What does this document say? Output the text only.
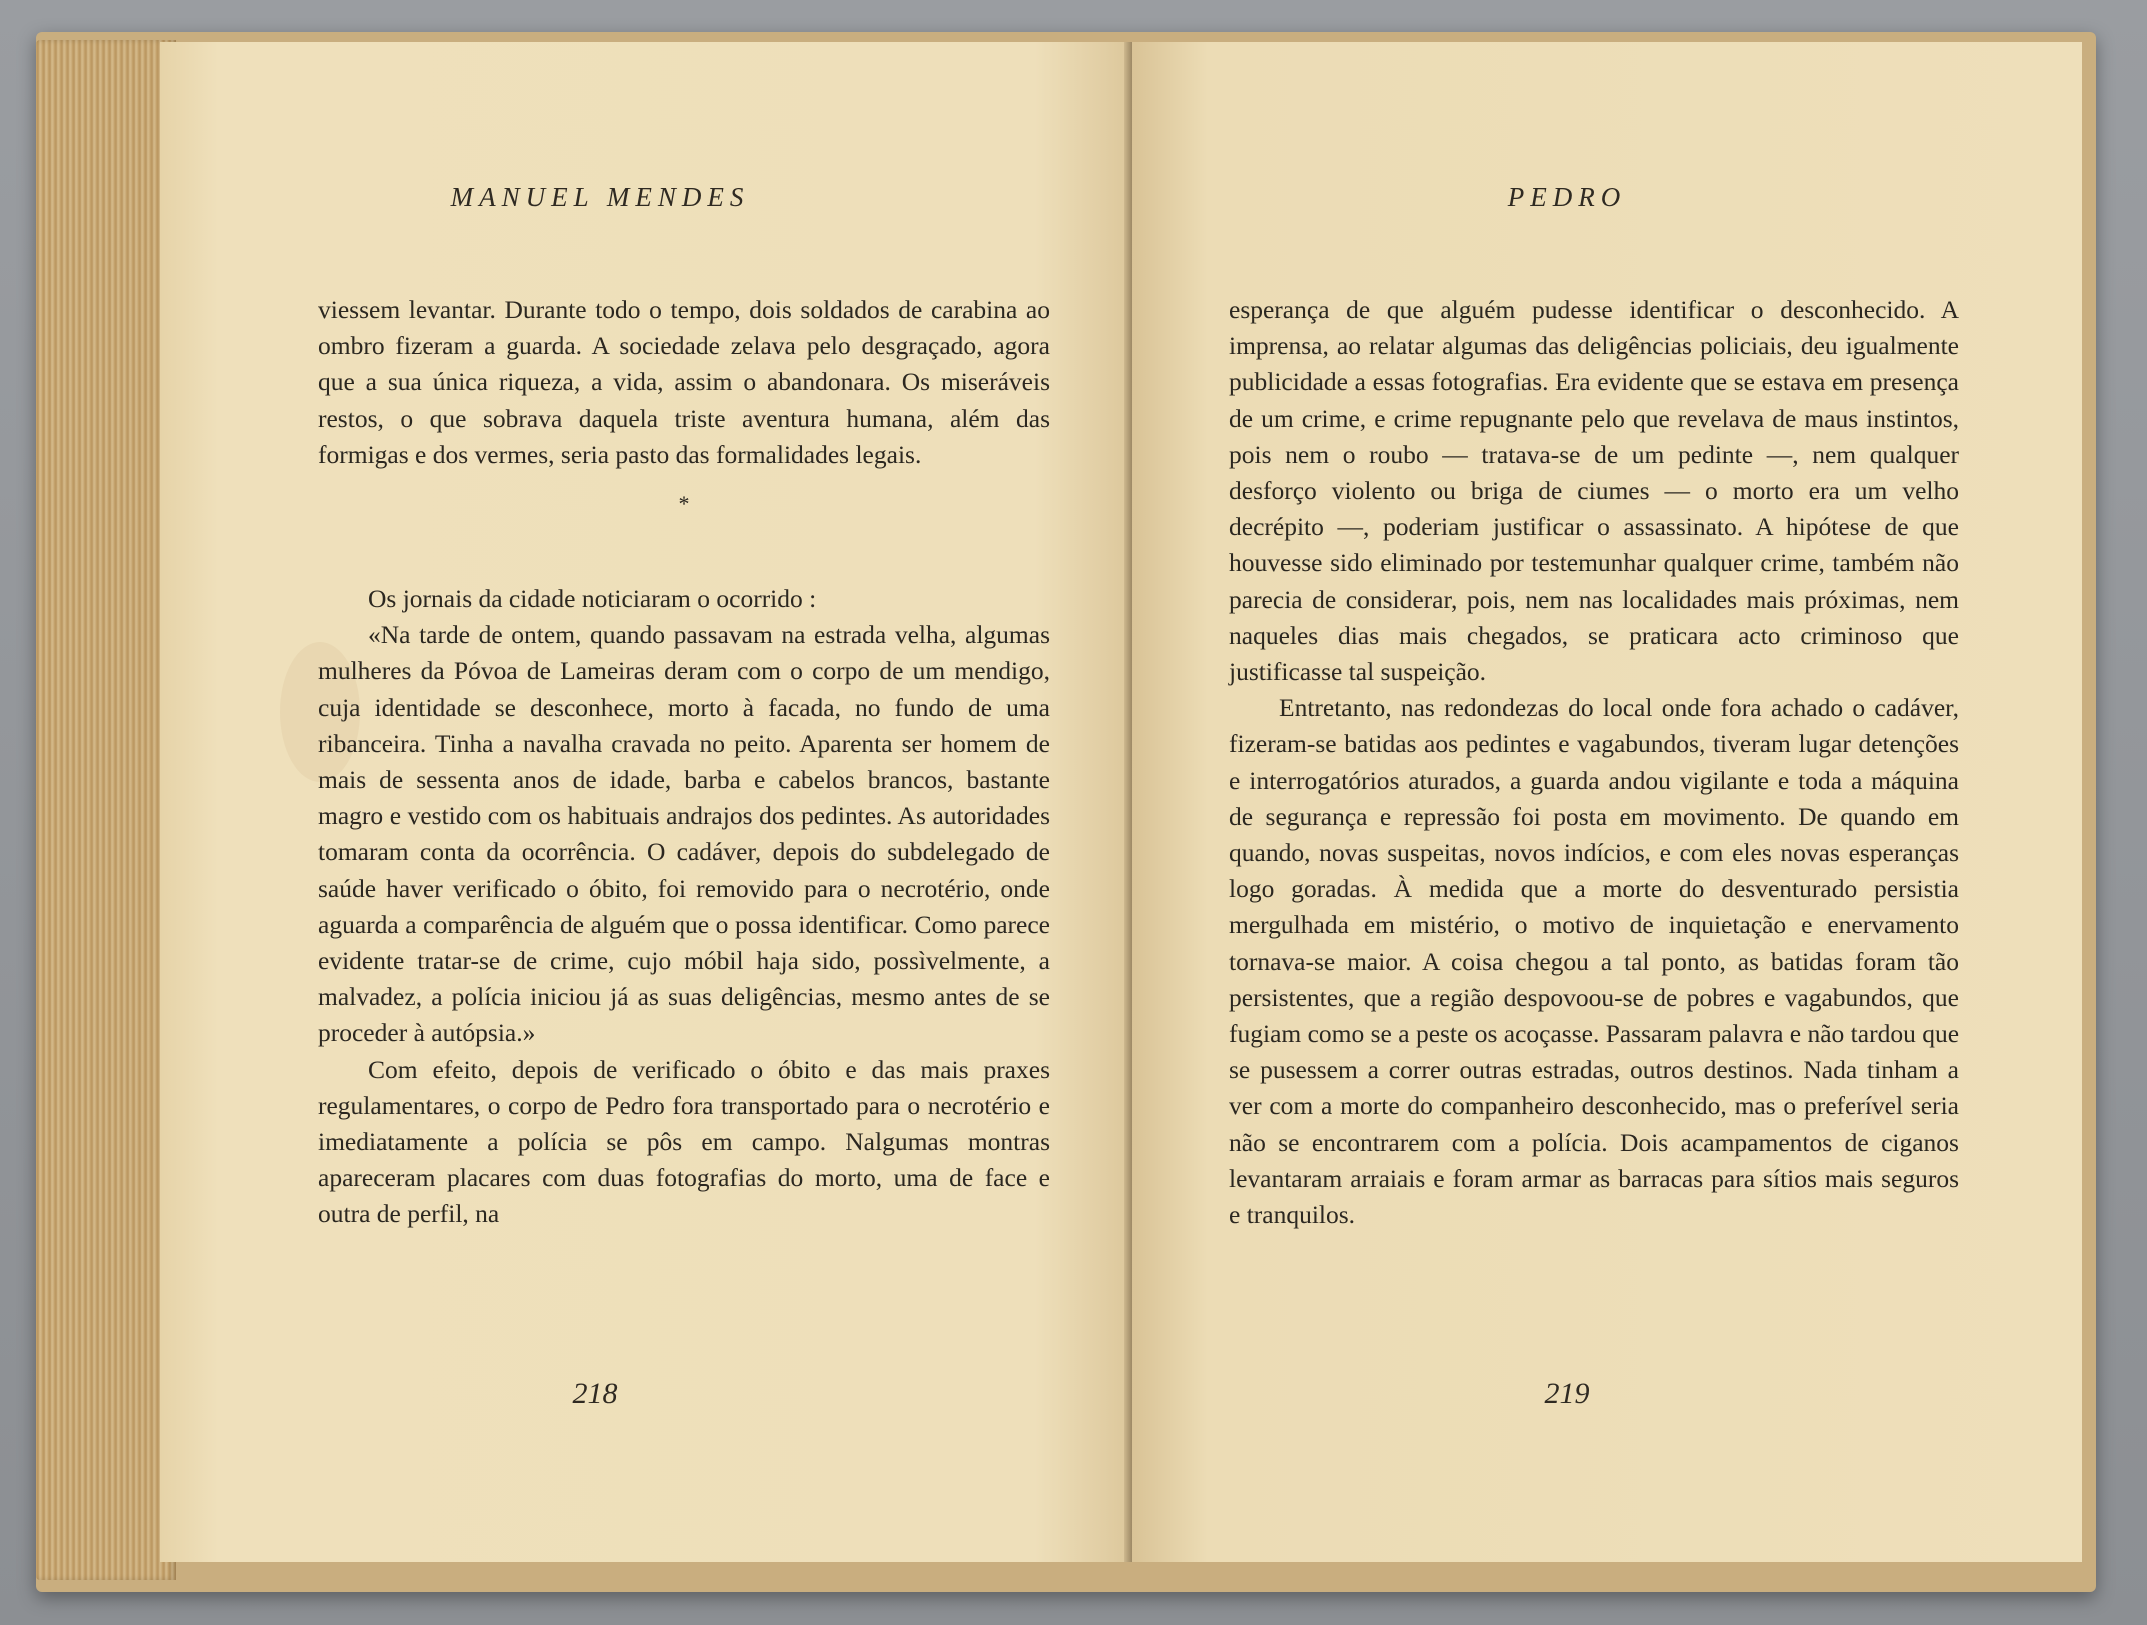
MANUEL MENDES

viessem levantar. Durante todo o tempo, dois soldados de carabina ao ombro fizeram a guarda. A sociedade zelava pelo desgraçado, agora que a sua única riqueza, a vida, assim o abandonara. Os miseráveis restos, o que sobrava daquela triste aventura humana, além das formigas e dos vermes, seria pasto das formalidades legais.

*

Os jornais da cidade noticiaram o ocorrido :

«Na tarde de ontem, quando passavam na estrada velha, algumas mulheres da Póvoa de Lameiras deram com o corpo de um mendigo, cuja identidade se desconhece, morto à facada, no fundo de uma ribanceira. Tinha a navalha cravada no peito. Aparenta ser homem de mais de sessenta anos de idade, barba e cabelos brancos, bastante magro e vestido com os habituais andrajos dos pedintes. As autoridades tomaram conta da ocorrência. O cadáver, depois do subdelegado de saúde haver verificado o óbito, foi removido para o necrotério, onde aguarda a comparência de alguém que o possa identificar. Como parece evidente tratar-se de crime, cujo móbil haja sido, possìvelmente, a malvadez, a polícia iniciou já as suas deligências, mesmo antes de se proceder à autópsia.»

Com efeito, depois de verificado o óbito e das mais praxes regulamentares, o corpo de Pedro fora transportado para o necrotério e imediatamente a polícia se pôs em campo. Nalgumas montras apareceram placares com duas fotografias do morto, uma de face e outra de perfil, na

218
PEDRO

esperança de que alguém pudesse identificar o desconhecido. A imprensa, ao relatar algumas das deligências policiais, deu igualmente publicidade a essas fotografias. Era evidente que se estava em presença de um crime, e crime repugnante pelo que revelava de maus instintos, pois nem o roubo — tratava-se de um pedinte —, nem qualquer desforço violento ou briga de ciumes — o morto era um velho decrépito —, poderiam justificar o assassinato. A hipótese de que houvesse sido eliminado por testemunhar qualquer crime, também não parecia de considerar, pois, nem nas localidades mais próximas, nem naqueles dias mais chegados, se praticara acto criminoso que justificasse tal suspeição.

Entretanto, nas redondezas do local onde fora achado o cadáver, fizeram-se batidas aos pedintes e vagabundos, tiveram lugar detenções e interrogatórios aturados, a guarda andou vigilante e toda a máquina de segurança e repressão foi posta em movimento. De quando em quando, novas suspeitas, novos indícios, e com eles novas esperanças logo goradas. À medida que a morte do desventurado persistia mergulhada em mistério, o motivo de inquietação e enervamento tornava-se maior. A coisa chegou a tal ponto, as batidas foram tão persistentes, que a região despovoou-se de pobres e vagabundos, que fugiam como se a peste os acoçasse. Passaram palavra e não tardou que se pusessem a correr outras estradas, outros destinos. Nada tinham a ver com a morte do companheiro desconhecido, mas o preferível seria não se encontrarem com a polícia. Dois acampamentos de ciganos levantaram arraiais e foram armar as barracas para sítios mais seguros e tranquilos.

219
